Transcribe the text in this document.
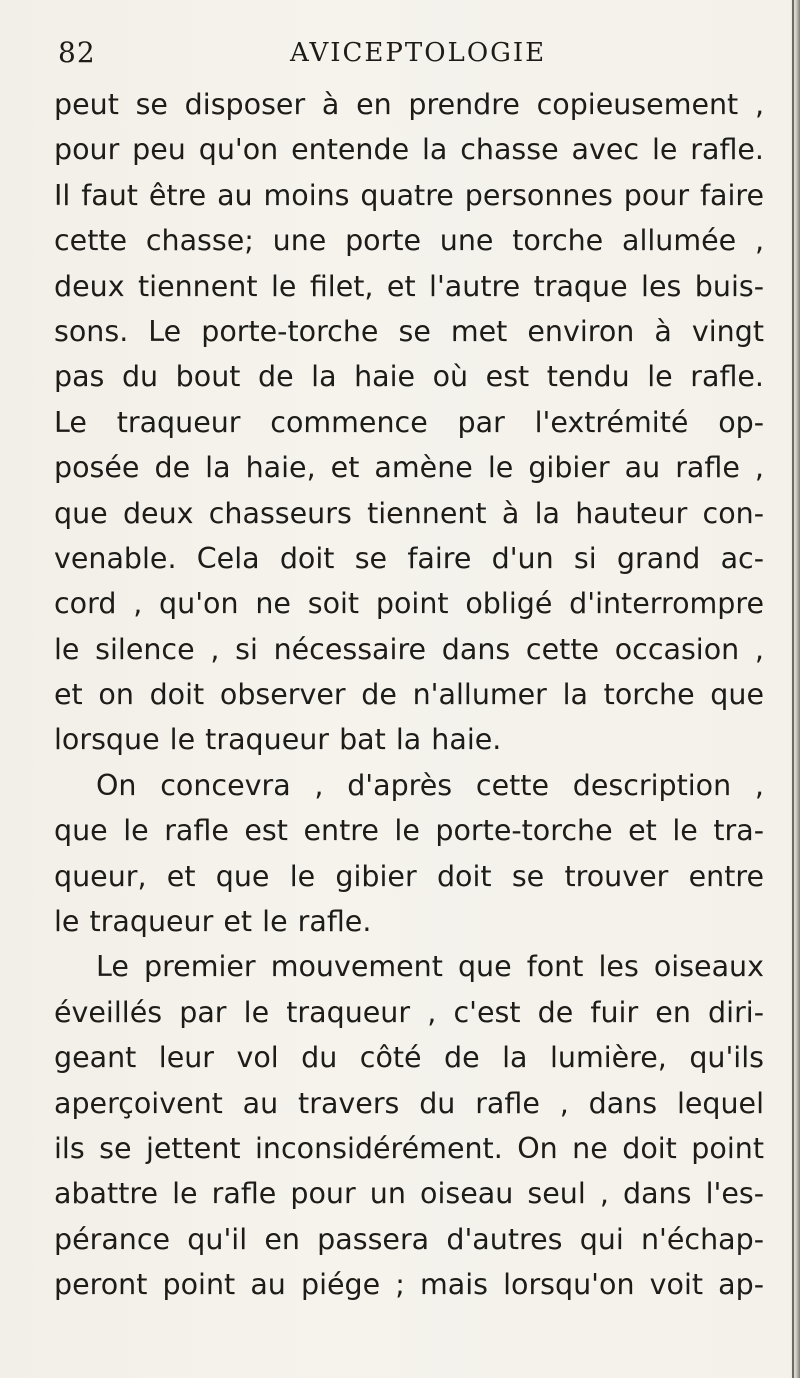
82	AVICEPTOLOGIE
peut se disposer à en prendre copieusement ,
pour peu qu'on entende la chasse avec le rafle.
Il faut être au moins quatre personnes pour faire
cette chasse; une porte une torche allumée ,
deux tiennent le filet, et l'autre traque les buis-
sons. Le porte-torche se met environ à vingt
pas du bout de la haie où est tendu le rafle.
Le traqueur commence par l'extrémité op-
posée de la haie, et amène le gibier au rafle ,
que deux chasseurs tiennent à la hauteur con-
venable. Cela doit se faire d'un si grand ac-
cord , qu'on ne soit point obligé d'interrompre
le silence , si nécessaire dans cette occasion ,
et on doit observer de n'allumer la torche que
lorsque le traqueur bat la haie.
On concevra , d'après cette description ,
que le rafle est entre le porte-torche et le tra-
queur, et que le gibier doit se trouver entre
le traqueur et le rafle.
Le premier mouvement que font les oiseaux
éveillés par le traqueur , c'est de fuir en diri-
geant leur vol du côté de la lumière, qu'ils
aperçoivent au travers du rafle , dans lequel
ils se jettent inconsidérément. On ne doit point
abattre le rafle pour un oiseau seul , dans l'es-
pérance qu'il en passera d'autres qui n'échap-
peront point au piége ; mais lorsqu'on voit ap-
